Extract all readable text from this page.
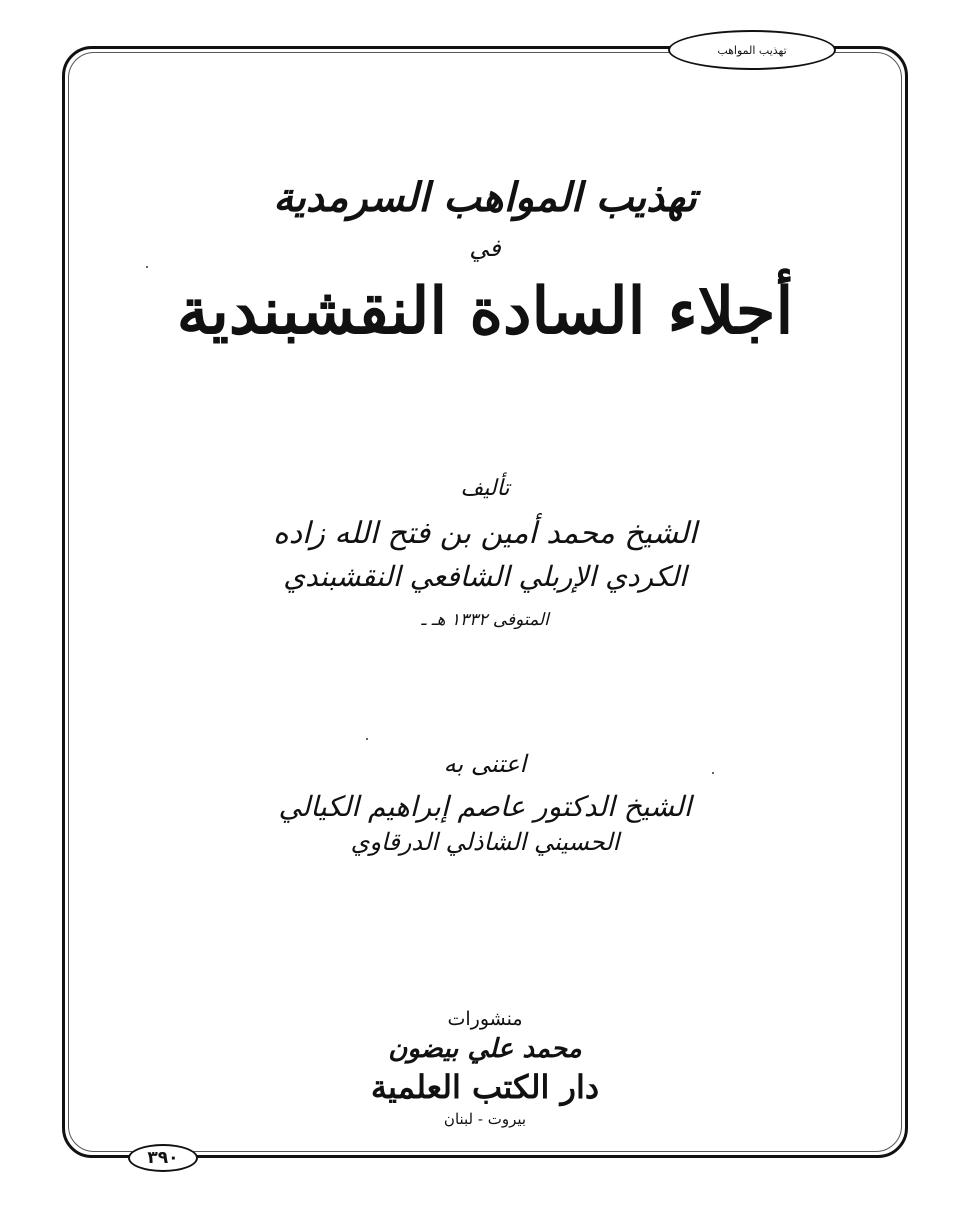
تهذيب المواهب
تهذيب المواهب السرمدية
في
أجلاء السادة النقشبندية
تأليف
الشيخ محمد أمين بن فتح الله زاده
الكردي الإربلي الشافعي النقشبندي
المتوفى ١٣٣٢ هـ ـ
اعتنى به
الشيخ الدكتور عاصم إبراهيم الكيالي
الحسيني الشاذلي الدرقاوي
منشورات
محمد علي بيضون
دار الكتب العلمية
بيروت - لبنان
٣٩٠
